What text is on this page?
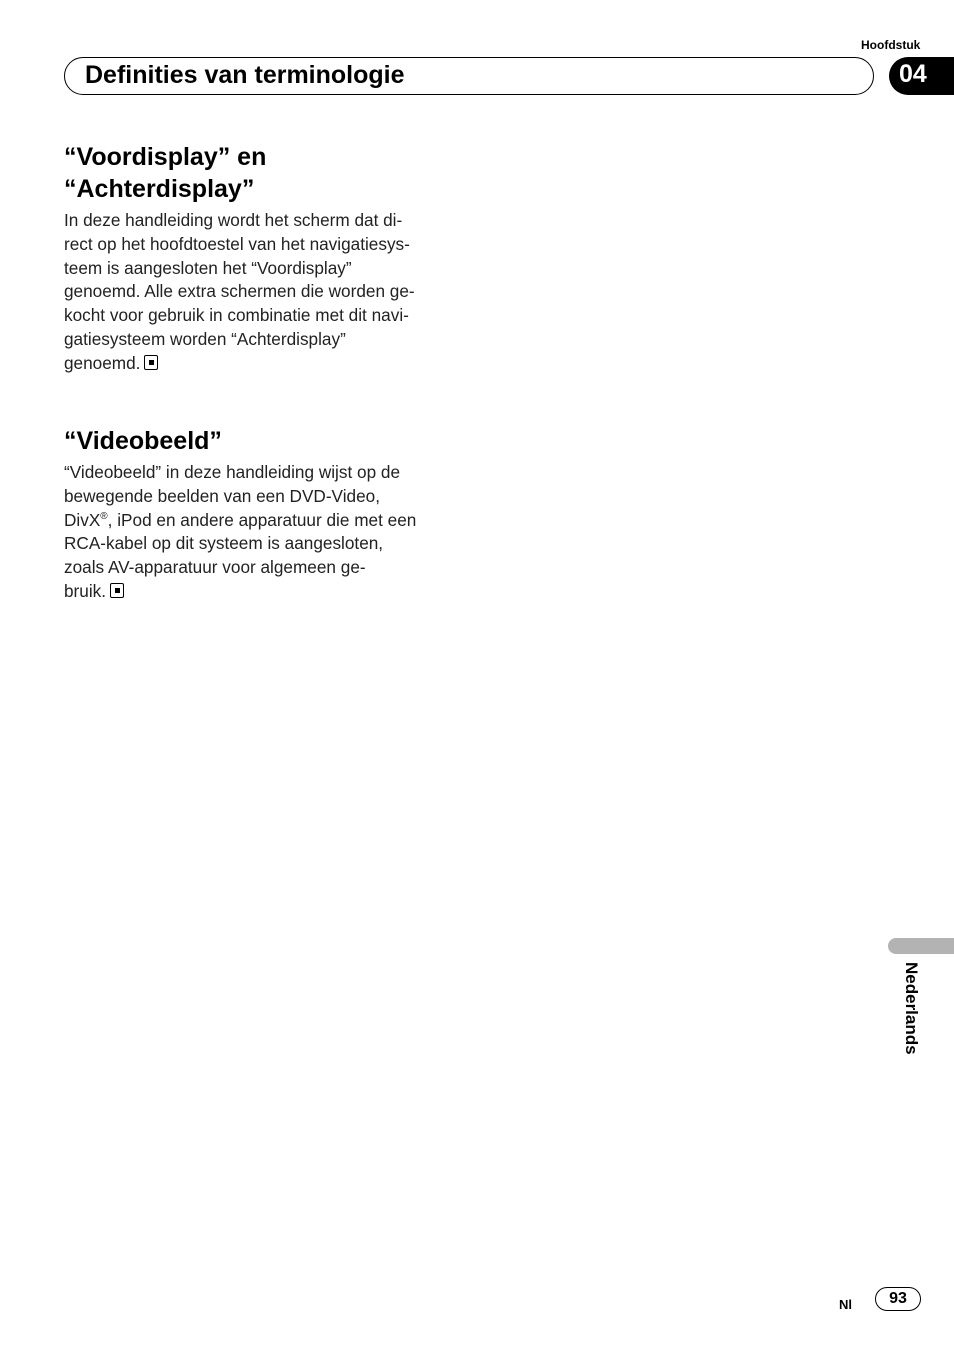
Hoofdstuk
Definities van terminologie	04
“Voordisplay” en
“Achterdisplay”

In deze handleiding wordt het scherm dat di-
rect op het hoofdtoestel van het navigatiesys-
teem is aangesloten het “Voordisplay”
genoemd. Alle extra schermen die worden ge-
kocht voor gebruik in combinatie met dit navi-
gatiesysteem worden “Achterdisplay”
genoemd.

“Videobeeld”

“Videobeeld” in deze handleiding wijst op de
bewegende beelden van een DVD-Video,
DivX®, iPod en andere apparatuur die met een
RCA-kabel op dit systeem is aangesloten,
zoals AV-apparatuur voor algemeen ge-
bruik.

Nederlands
Nl	93
